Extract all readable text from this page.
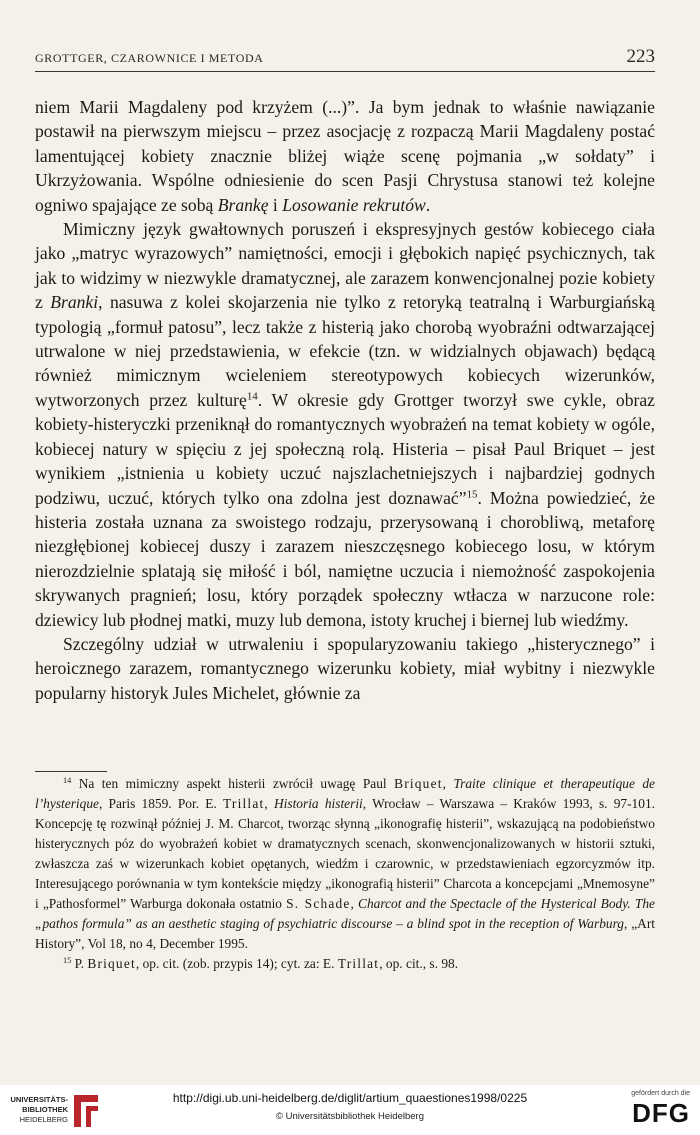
GROTTGER, CZAROWNICE I METODA	223

niem Marii Magdaleny pod krzyżem (...)”. Ja bym jednak to właśnie nawiązanie postawił na pierwszym miejscu – przez asocjację z rozpaczą Marii Magdaleny postać lamentującej kobiety znacznie bliżej wiąże scenę pojmania „w sołdaty” i Ukrzyżowania. Wspólne odniesienie do scen Pasji Chrystusa stanowi też kolejne ogniwo spajające ze sobą Brankę i Losowanie rekrutów.

Mimiczny język gwałtownych poruszeń i ekspresyjnych gestów kobiecego ciała jako „matryc wyrazowych” namiętności, emocji i głębokich napięć psychicznych, tak jak to widzimy w niezwykle dramatycznej, ale zarazem konwencjonalnej pozie kobiety z Branki, nasuwa z kolei skojarzenia nie tylko z retoryką teatralną i Warburgiańską typologią „formuł patosu”, lecz także z histerią jako chorobą wyobraźni odtwarzającej utrwalone w niej przedstawienia, w efekcie (tzn. w widzialnych objawach) będącą również mimicznym wcieleniem stereotypowych kobiecych wizerunków, wytworzonych przez kulturę$^{14}$. W okresie gdy Grottger tworzył swe cykle, obraz kobiety-histeryczki przeniknął do romantycznych wyobrażeń na temat kobiety w ogóle, kobiecej natury w spięciu z jej społeczną rolą. Histeria – pisał Paul Briquet – jest wynikiem „istnienia u kobiety uczuć najszlachetniejszych i najbardziej godnych podziwu, uczuć, których tylko ona zdolna jest doznawać”$^{15}$. Można powiedzieć, że histeria została uznana za swoistego rodzaju, przerysowaną i chorobliwą, metaforę niezgłębionej kobiecej duszy i zarazem nieszczęsnego kobiecego losu, w którym nierozdzielnie splatają się miłość i ból, namiętne uczucia i niemożność zaspokojenia skrywanych pragnień; losu, który porządek społeczny wtłacza w narzucone role: dziewicy lub płodnej matki, muzy lub demona, istoty kruchej i biernej lub wiedźmy.

Szczególny udział w utrwaleniu i spopularyzowaniu takiego „histerycznego” i heroicznego zarazem, romantycznego wizerunku kobiety, miał wybitny i niezwykle popularny historyk Jules Michelet, głównie za

$^{14}$ Na ten mimiczny aspekt histerii zwrócił uwagę Paul Briquet, Traite clinique et therapeutique de l’hysterique, Paris 1859. Por. E. Trillat, Historia histerii, Wrocław – Warszawa – Kraków 1993, s. 97-101. Koncepcję tę rozwinął później J. M. Charcot, tworząc słynną „ikonografię histerii”, wskazującą na podobieństwo histerycznych póz do wyobrażeń kobiet w dramatycznych scenach, skonwencjonalizowanych w historii sztuki, zwłaszcza zaś w wizerunkach kobiet opętanych, wiedźm i czarownic, w przedstawieniach egzorcyzmów itp. Interesującego porównania w tym kontekście między „ikonografią histerii” Charcota a koncepcjami „Mnemosyne” i „Pathosformel” Warburga dokonała ostatnio S. Schade, Charcot and the Spectacle of the Hysterical Body. The „pathos formula” as an aesthetic staging of psychiatric discourse – a blind spot in the reception of Warburg, „Art History”, Vol 18, no 4, December 1995.

$^{15}$ P. Briquet, op. cit. (zob. przypis 14); cyt. za: E. Trillat, op. cit., s. 98.

UNIVERSITÄTS-
BIBLIOTHEK
HEIDELBERG
http://digi.ub.uni-heidelberg.de/diglit/artium_quaestiones1998/0225
© Universitätsbibliothek Heidelberg
gefördert durch die
DFG
